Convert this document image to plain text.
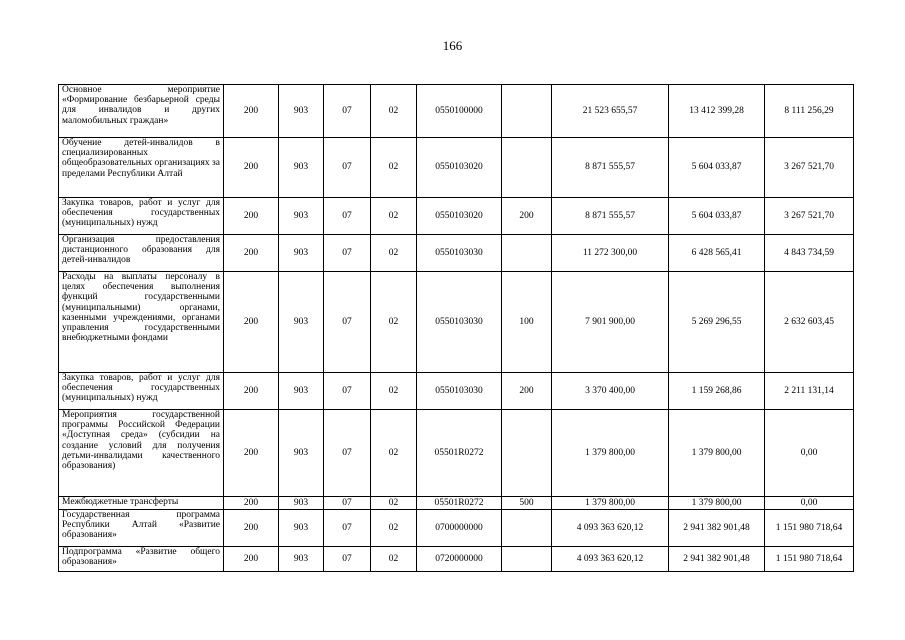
166
Основное мероприятие «Формирование безбарьерной среды для инвалидов и других маломобильных граждан»	200	903	07	02	0550100000		21 523 655,57	13 412 399,28	8 111 256,29
Обучение детей-инвалидов в специализированных общеобразовательных организациях за пределами Республики Алтай	200	903	07	02	0550103020		8 871 555,57	5 604 033,87	3 267 521,70
Закупка товаров, работ и услуг для обеспечения государственных (муниципальных) нужд	200	903	07	02	0550103020	200	8 871 555,57	5 604 033,87	3 267 521,70
Организация предоставления дистанционного образования для детей-инвалидов	200	903	07	02	0550103030		11 272 300,00	6 428 565,41	4 843 734,59
Расходы на выплаты персоналу в целях обеспечения выполнения функций государственными (муниципальными) органами, казенными учреждениями, органами управления государственными внебюджетными фондами	200	903	07	02	0550103030	100	7 901 900,00	5 269 296,55	2 632 603,45
Закупка товаров, работ и услуг для обеспечения государственных (муниципальных) нужд	200	903	07	02	0550103030	200	3 370 400,00	1 159 268,86	2 211 131,14
Мероприятия государственной программы Российской Федерации «Доступная среда» (субсидии на создание условий для получения детьми-инвалидами качественного образования)	200	903	07	02	05501R0272		1 379 800,00	1 379 800,00	0,00
Межбюджетные трансферты	200	903	07	02	05501R0272	500	1 379 800,00	1 379 800,00	0,00
Государственная программа Республики Алтай «Развитие образования»	200	903	07	02	0700000000		4 093 363 620,12	2 941 382 901,48	1 151 980 718,64
Подпрограмма «Развитие общего образования»	200	903	07	02	0720000000		4 093 363 620,12	2 941 382 901,48	1 151 980 718,64
